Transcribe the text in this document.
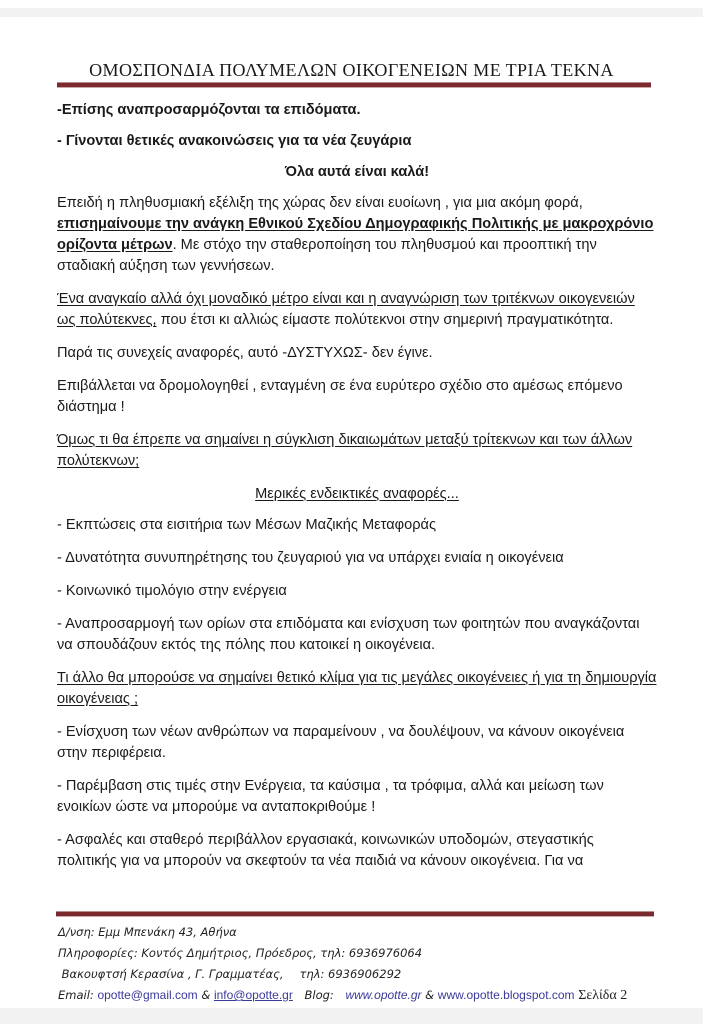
ΟΜΟΣΠΟΝΔΙΑ ΠΟΛΥΜΕΛΩΝ ΟΙΚΟΓΕΝΕΙΩΝ ΜΕ ΤΡΙΑ ΤΕΚΝΑ

-Επίσης αναπροσαρμόζονται τα επιδόματα.

- Γίνονται θετικές ανακοινώσεις για τα νέα ζευγάρια

Όλα αυτά είναι καλά!

Επειδή η πληθυσμιακή εξέλιξη της χώρας δεν είναι ευοίωνη , για μια ακόμη φορά, επισημαίνουμε την ανάγκη Εθνικού Σχεδίου Δημογραφικής Πολιτικής με μακροχρόνιο ορίζοντα μέτρων. Με στόχο την σταθεροποίηση του πληθυσμού και προοπτική την σταδιακή αύξηση των γεννήσεων.

Ένα αναγκαίο αλλά όχι μοναδικό μέτρο είναι και η αναγνώριση των τριτέκνων οικογενειών ως πολύτεκνες, που έτσι κι αλλιώς είμαστε πολύτεκνοι στην σημερινή πραγματικότητα.

Παρά τις συνεχείς αναφορές, αυτό -ΔΥΣΤΥΧΩΣ- δεν έγινε.

Επιβάλλεται να δρομολογηθεί , ενταγμένη σε ένα ευρύτερο σχέδιο στο αμέσως επόμενο διάστημα !

Όμως τι θα έπρεπε να σημαίνει η σύγκλιση δικαιωμάτων μεταξύ τρίτεκνων και των άλλων πολύτεκνων;

Μερικές ενδεικτικές αναφορές...

- Εκπτώσεις στα εισιτήρια των Μέσων Μαζικής Μεταφοράς

- Δυνατότητα συνυπηρέτησης του ζευγαριού για να υπάρχει ενιαία η οικογένεια

- Κοινωνικό τιμολόγιο στην ενέργεια

- Αναπροσαρμογή των ορίων στα επιδόματα και ενίσχυση των φοιτητών που αναγκάζονται να σπουδάζουν εκτός της πόλης που κατοικεί η οικογένεια.

Τι άλλο θα μπορούσε να σημαίνει θετικό κλίμα για τις μεγάλες οικογένειες ή για τη δημιουργία οικογένειας ;

- Ενίσχυση των νέων ανθρώπων να παραμείνουν , να δουλέψουν, να κάνουν οικογένεια στην περιφέρεια.

- Παρέμβαση στις τιμές στην Ενέργεια, τα καύσιμα , τα τρόφιμα, αλλά και μείωση των ενοικίων ώστε να μπορούμε να ανταποκριθούμε !

- Ασφαλές και σταθερό περιβάλλον εργασιακά, κοινωνικών υποδομών, στεγαστικής πολιτικής για να μπορούν να σκεφτούν τα νέα παιδιά να κάνουν οικογένεια. Για να

Δ/νση: Εμμ Μπενάκη 43, Αθήνα
Πληροφορίες: Κοντός Δημήτριος, Πρόεδρος, τηλ: 6936976064
Βακουφτσή Κερασίνα , Γ. Γραμματέας, τηλ: 6936906292
Email: opotte@gmail.com & info@opotte.gr Blog: www.opotte.gr & www.opotte.blogspot.com Σελίδα 2
